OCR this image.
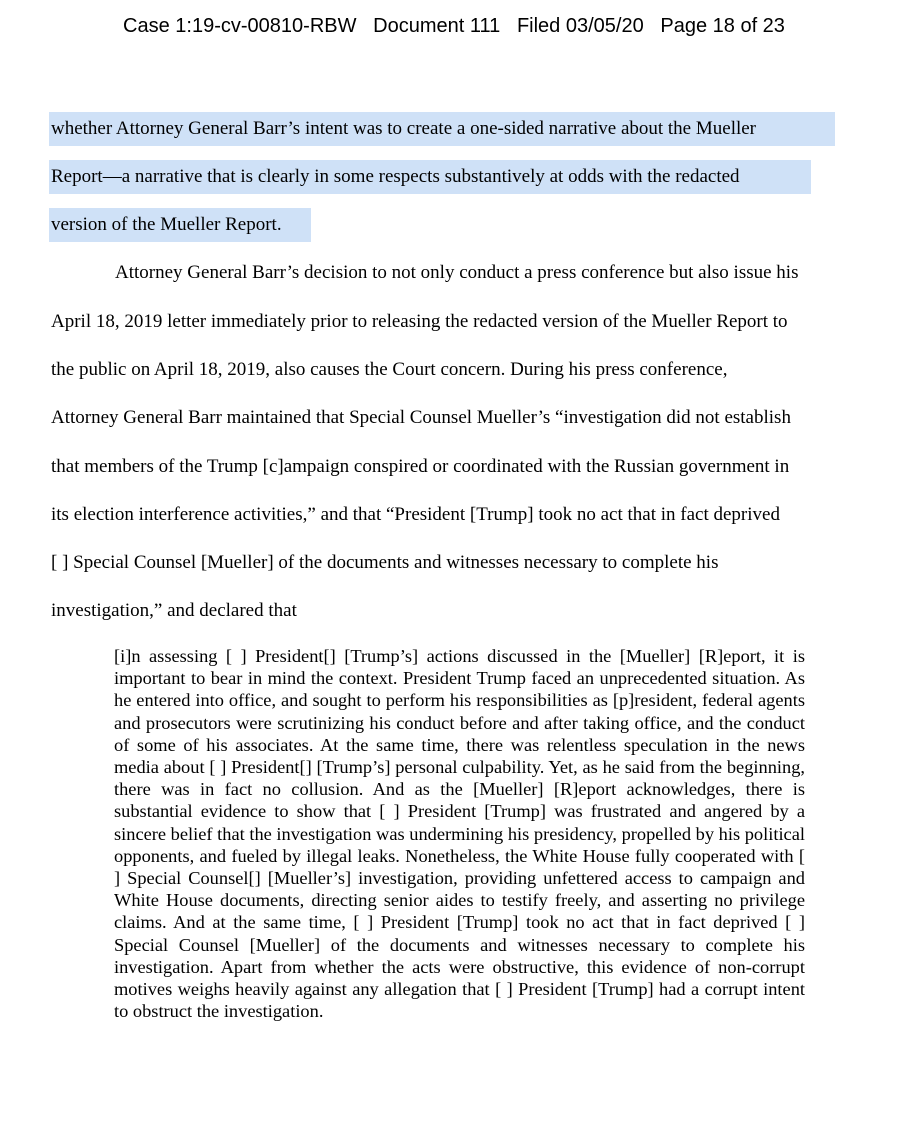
Case 1:19-cv-00810-RBW Document 111 Filed 03/05/20 Page 18 of 23
whether Attorney General Barr’s intent was to create a one-sided narrative about the Mueller
Report—a narrative that is clearly in some respects substantively at odds with the redacted
version of the Mueller Report.
Attorney General Barr’s decision to not only conduct a press conference but also issue his
April 18, 2019 letter immediately prior to releasing the redacted version of the Mueller Report to
the public on April 18, 2019, also causes the Court concern. During his press conference,
Attorney General Barr maintained that Special Counsel Mueller’s “investigation did not establish
that members of the Trump [c]ampaign conspired or coordinated with the Russian government in
its election interference activities,” and that “President [Trump] took no act that in fact deprived
[ ] Special Counsel [Mueller] of the documents and witnesses necessary to complete his
investigation,” and declared that
[i]n assessing [ ] President[] [Trump’s] actions discussed in the [Mueller] [R]eport, it is important to bear in mind the context. President Trump faced an unprecedented situation. As he entered into office, and sought to perform his responsibilities as [p]resident, federal agents and prosecutors were scrutinizing his conduct before and after taking office, and the conduct of some of his associates. At the same time, there was relentless speculation in the news media about [ ] President[] [Trump’s] personal culpability. Yet, as he said from the beginning, there was in fact no collusion. And as the [Mueller] [R]eport acknowledges, there is substantial evidence to show that [ ] President [Trump] was frustrated and angered by a sincere belief that the investigation was undermining his presidency, propelled by his political opponents, and fueled by illegal leaks. Nonetheless, the White House fully cooperated with [ ] Special Counsel[] [Mueller’s] investigation, providing unfettered access to campaign and White House documents, directing senior aides to testify freely, and asserting no privilege claims. And at the same time, [ ] President [Trump] took no act that in fact deprived [ ] Special Counsel [Mueller] of the documents and witnesses necessary to complete his investigation. Apart from whether the acts were obstructive, this evidence of non-corrupt motives weighs heavily against any allegation that [ ] President [Trump] had a corrupt intent to obstruct the investigation.
